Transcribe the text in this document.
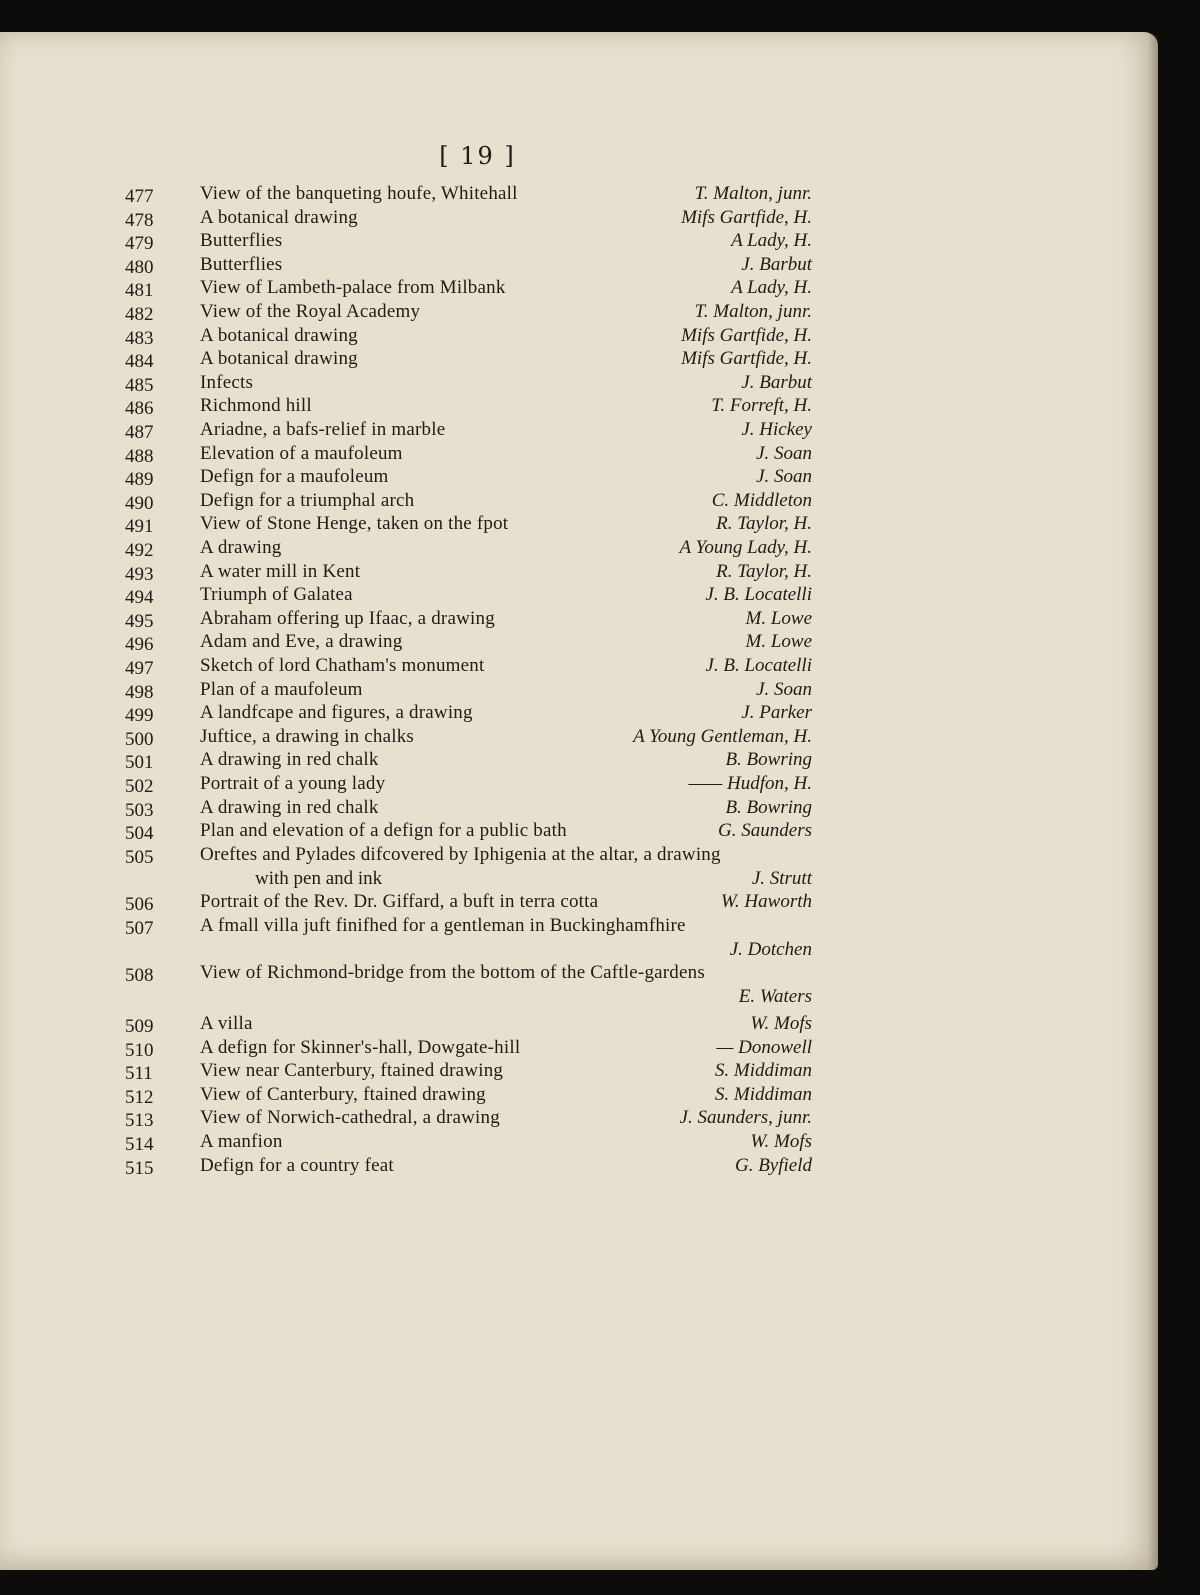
[ 19 ]
477	View of the banqueting houfe, Whitehall	T. Malton, junr.
478	A botanical drawing	Mifs Gartfide, H.
479	Butterflies	A Lady, H.
480	Butterflies	J. Barbut
481	View of Lambeth-palace from Milbank	A Lady, H.
482	View of the Royal Academy	T. Malton, junr.
483	A botanical drawing	Mifs Gartfide, H.
484	A botanical drawing	Mifs Gartfide, H.
485	Infects	J. Barbut
486	Richmond hill	T. Forreft, H.
487	Ariadne, a bafs-relief in marble	J. Hickey
488	Elevation of a maufoleum	J. Soan
489	Defign for a maufoleum	J. Soan
490	Defign for a triumphal arch	C. Middleton
491	View of Stone Henge, taken on the fpot	R. Taylor, H.
492	A drawing	A Young Lady, H.
493	A water mill in Kent	R. Taylor, H.
494	Triumph of Galatea	J. B. Locatelli
495	Abraham offering up Ifaac, a drawing	M. Lowe
496	Adam and Eve, a drawing	M. Lowe
497	Sketch of lord Chatham's monument	J. B. Locatelli
498	Plan of a maufoleum	J. Soan
499	A landfcape and figures, a drawing	J. Parker
500	Juftice, a drawing in chalks	A Young Gentleman, H.
501	A drawing in red chalk	B. Bowring
502	Portrait of a young lady	—— Hudfon, H.
503	A drawing in red chalk	B. Bowring
504	Plan and elevation of a defign for a public bath	G. Saunders
505	Oreftes and Pylades difcovered by Iphigenia at the altar, a drawing
with pen and ink	J. Strutt
506	Portrait of the Rev. Dr. Giffard, a buft in terra cotta	W. Haworth
507	A fmall villa juft finifhed for a gentleman in Buckinghamfhire
J. Dotchen
508	View of Richmond-bridge from the bottom of the Caftle-gardens
E. Waters
509	A villa	W. Mofs
510	A defign for Skinner's-hall, Dowgate-hill	— Donowell
511	View near Canterbury, ftained drawing	S. Middiman
512	View of Canterbury, ftained drawing	S. Middiman
513	View of Norwich-cathedral, a drawing	J. Saunders, junr.
514	A manfion	W. Mofs
515	Defign for a country feat	G. Byfield
